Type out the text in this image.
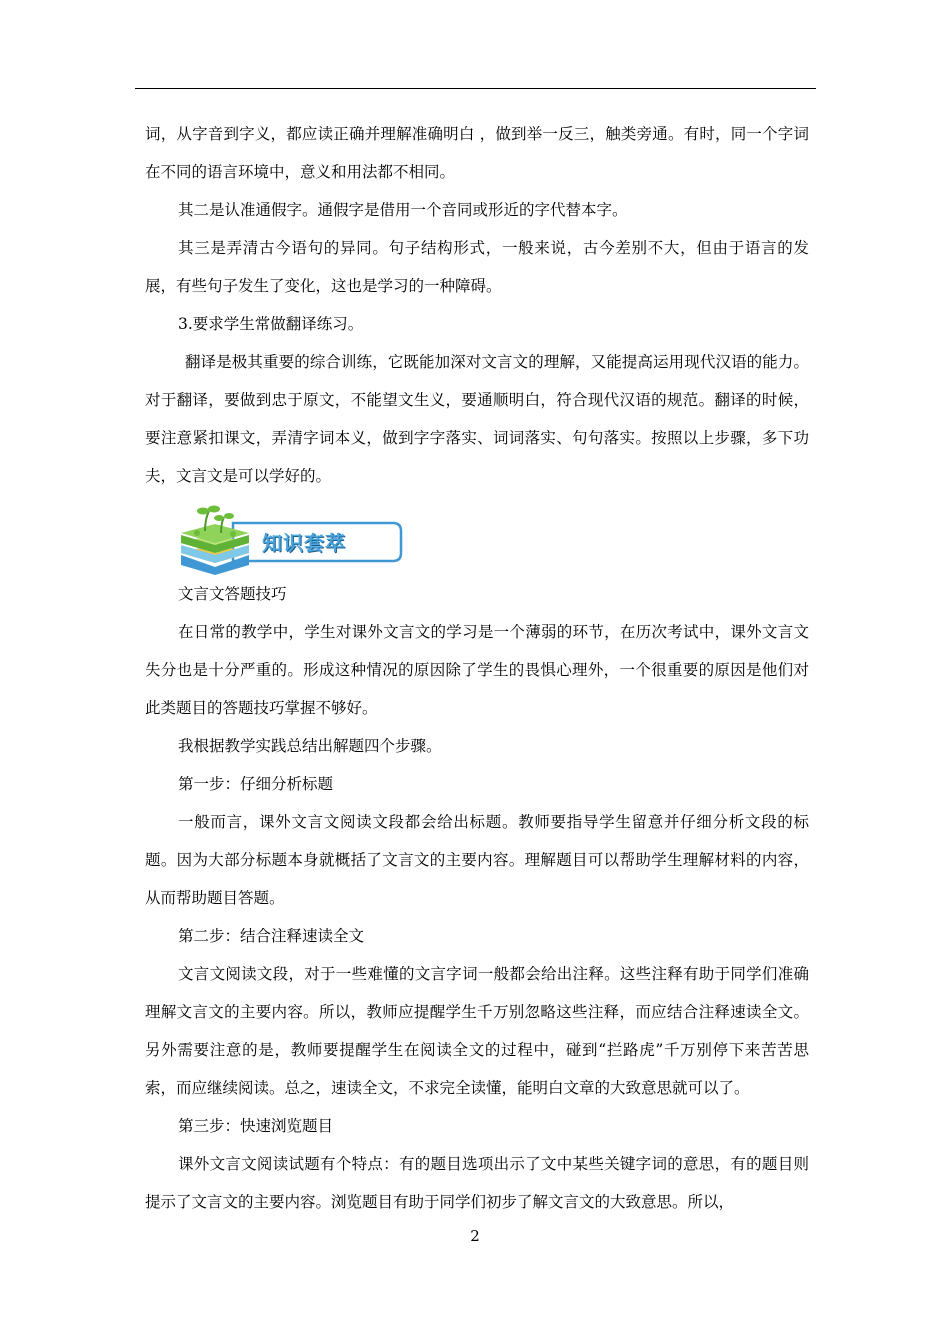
词，从字音到字义，都应读正确并理解准确明白 ，做到举一反三，触类旁通。有时，同一个字词在不同的语言环境中，意义和用法都不相同。

其二是认准通假字。通假字是借用一个音同或形近的字代替本字。

其三是弄清古今语句的异同。句子结构形式，一般来说，古今差别不大，但由于语言的发展，有些句子发生了变化，这也是学习的一种障碍。

3.要求学生常做翻译练习。

翻译是极其重要的综合训练，它既能加深对文言文的理解，又能提高运用现代汉语的能力。对于翻译，要做到忠于原文，不能望文生义，要通顺明白，符合现代汉语的规范。翻译的时候，要注意紧扣课文，弄清字词本义，做到字字落实、词词落实、句句落实。按照以上步骤，多下功夫，文言文是可以学好的。

知识套萃

文言文答题技巧

在日常的教学中，学生对课外文言文的学习是一个薄弱的环节，在历次考试中，课外文言文失分也是十分严重的。形成这种情况的原因除了学生的畏惧心理外，一个很重要的原因是他们对此类题目的答题技巧掌握不够好。

我根据教学实践总结出解题四个步骤。

第一步：仔细分析标题

一般而言，课外文言文阅读文段都会给出标题。教师要指导学生留意并仔细分析文段的标题。因为大部分标题本身就概括了文言文的主要内容。理解题目可以帮助学生理解材料的内容，从而帮助题目答题。

第二步：结合注释速读全文

文言文阅读文段，对于一些难懂的文言字词一般都会给出注释。这些注释有助于同学们准确理解文言文的主要内容。所以，教师应提醒学生千万别忽略这些注释，而应结合注释速读全文。另外需要注意的是，教师要提醒学生在阅读全文的过程中，碰到“拦路虎”千万别停下来苦苦思索，而应继续阅读。总之，速读全文，不求完全读懂，能明白文章的大致意思就可以了。

第三步：快速浏览题目

课外文言文阅读试题有个特点：有的题目选项出示了文中某些关键字词的意思，有的题目则提示了文言文的主要内容。浏览题目有助于同学们初步了解文言文的大致意思。所以，

2
